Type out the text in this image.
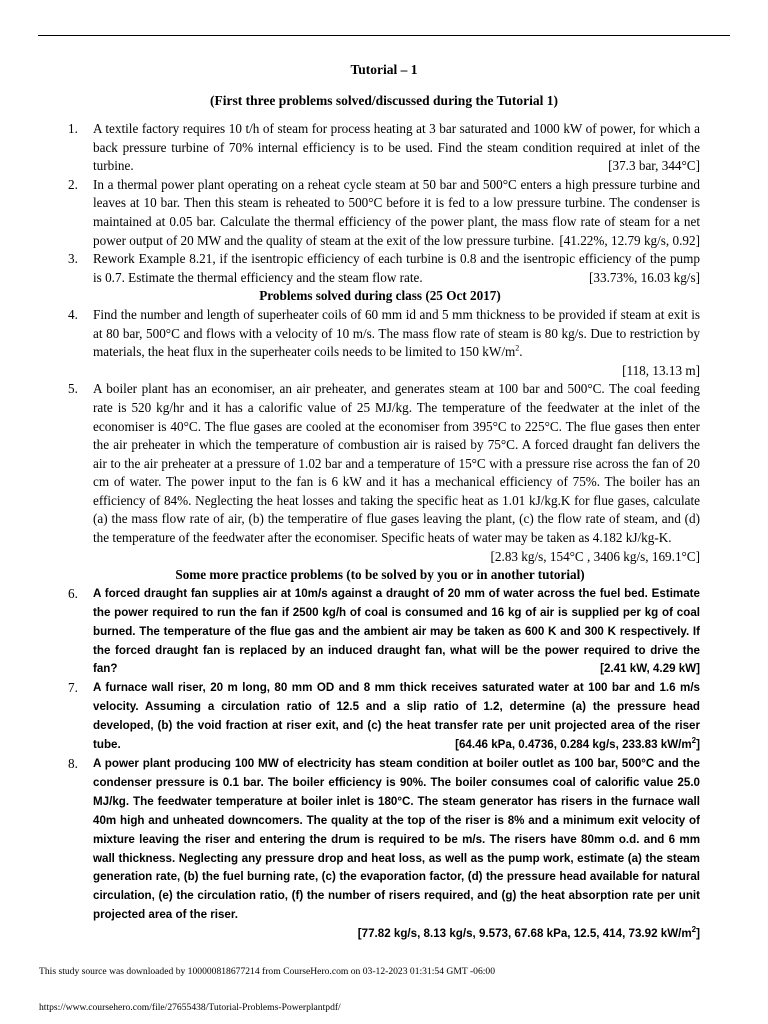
Tutorial – 1
(First three problems solved/discussed during the Tutorial 1)
1. A textile factory requires 10 t/h of steam for process heating at 3 bar saturated and 1000 kW of power, for which a back pressure turbine of 70% internal efficiency is to be used. Find the steam condition required at inlet of the turbine.	[37.3 bar, 344°C]
2. In a thermal power plant operating on a reheat cycle steam at 50 bar and 500°C enters a high pressure turbine and leaves at 10 bar. Then this steam is reheated to 500°C before it is fed to a low pressure turbine. The condenser is maintained at 0.05 bar. Calculate the thermal efficiency of the power plant, the mass flow rate of steam for a net power output of 20 MW and the quality of steam at the exit of the low pressure turbine. [41.22%, 12.79 kg/s, 0.92]
3. Rework Example 8.21, if the isentropic efficiency of each turbine is 0.8 and the isentropic efficiency of the pump is 0.7. Estimate the thermal efficiency and the steam flow rate.	[33.73%, 16.03 kg/s]
Problems solved during class (25 Oct 2017)
4. Find the number and length of superheater coils of 60 mm id and 5 mm thickness to be provided if steam at exit is at 80 bar, 500°C and flows with a velocity of 10 m/s. The mass flow rate of steam is 80 kg/s. Due to restriction by materials, the heat flux in the superheater coils needs to be limited to 150 $kW/m^2$.
[118, 13.13 m]
5. A boiler plant has an economiser, an air preheater, and generates steam at 100 bar and 500°C. The coal feeding rate is 520 kg/hr and it has a calorific value of 25 MJ/kg. The temperature of the feedwater at the inlet of the economiser is 40°C. The flue gases are cooled at the economiser from 395°C to 225°C. The flue gases then enter the air preheater in which the temperature of combustion air is raised by 75°C. A forced draught fan delivers the air to the air preheater at a pressure of 1.02 bar and a temperature of 15°C with a pressure rise across the fan of 20 cm of water. The power input to the fan is 6 kW and it has a mechanical efficiency of 75%. The boiler has an efficiency of 84%. Neglecting the heat losses and taking the specific heat as 1.01 kJ/kg.K for flue gases, calculate (a) the mass flow rate of air, (b) the temperatire of flue gases leaving the plant, (c) the flow rate of steam, and (d) the temperature of the feedwater after the economiser. Specific heats of water may be taken as 4.182 kJ/kg-K.
[2.83 kg/s, 154°C , 3406 kg/s, 169.1°C]
Some more practice problems (to be solved by you or in another tutorial)
6. A forced draught fan supplies air at 10m/s against a draught of 20 mm of water across the fuel bed. Estimate the power required to run the fan if 2500 kg/h of coal is consumed and 16 kg of air is supplied per kg of coal burned. The temperature of the flue gas and the ambient air may be taken as 600 K and 300 K respectively. If the forced draught fan is replaced by an induced draught fan, what will be the power required to drive the fan?	[2.41 kW, 4.29 kW]
7. A furnace wall riser, 20 m long, 80 mm OD and 8 mm thick receives saturated water at 100 bar and 1.6 m/s velocity. Assuming a circulation ratio of 12.5 and a slip ratio of 1.2, determine (a) the pressure head developed, (b) the void fraction at riser exit, and (c) the heat transfer rate per unit projected area of the riser tube.	[64.46 kPa, 0.4736, 0.284 kg/s, 233.83 $kW/m^2$]
8. A power plant producing 100 MW of electricity has steam condition at boiler outlet as 100 bar, 500°C and the condenser pressure is 0.1 bar. The boiler efficiency is 90%. The boiler consumes coal of calorific value 25.0 MJ/kg. The feedwater temperature at boiler inlet is 180°C. The steam generator has risers in the furnace wall 40m high and unheated downcomers. The quality at the top of the riser is 8% and a minimum exit velocity of mixture leaving the riser and entering the drum is required to be m/s. The risers have 80mm o.d. and 6 mm wall thickness. Neglecting any pressure drop and heat loss, as well as the pump work, estimate (a) the steam generation rate, (b) the fuel burning rate, (c) the evaporation factor, (d) the pressure head available for natural circulation, (e) the circulation ratio, (f) the number of risers required, and (g) the heat absorption rate per unit projected area of the riser.
[77.82 kg/s, 8.13 kg/s, 9.573, 67.68 kPa, 12.5, 414, 73.92 $kW/m^2$]
This study source was downloaded by 100000818677214 from CourseHero.com on 03-12-2023 01:31:54 GMT -06:00
https://www.coursehero.com/file/27655438/Tutorial-Problems-Powerplantpdf/
